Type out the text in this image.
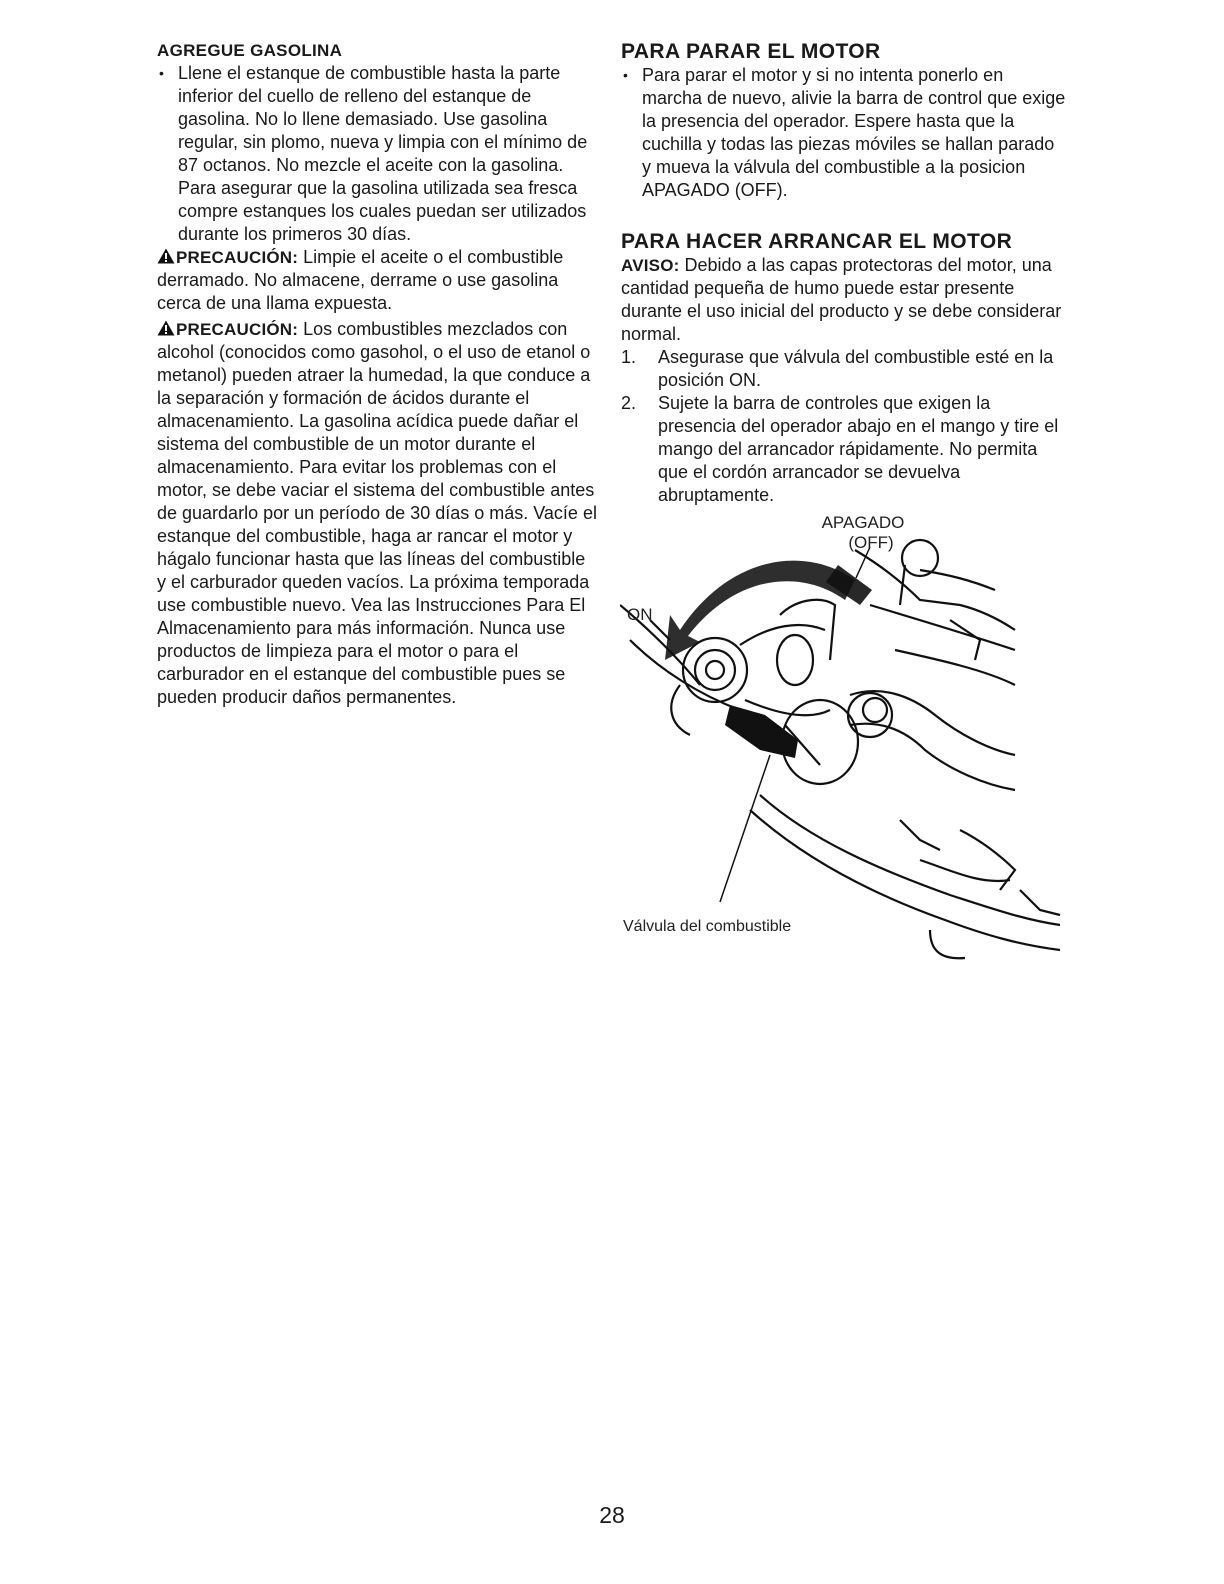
AGREGUE GASOLINA
• Llene el estanque de combustible hasta la parte inferior del cuello de relleno del estanque de gasolina. No lo llene demasiado. Use gasolina regular, sin plomo, nueva y limpia con el mínimo de 87 octanos. No mezcle el aceite con la gasolina. Para asegurar que la gasolina utilizada sea fresca compre estanques los cuales puedan ser utilizados durante los primeros 30 días.

PRECAUCIÓN: Limpie el aceite o el combustible derramado. No almacene, derrame o use gasolina cerca de una llama expuesta.

PRECAUCIÓN: Los combustibles mezclados con alcohol (conocidos como gasohol, o el uso de etanol o metanol) pueden atraer la humedad, la que conduce a la separación y formación de ácidos durante el almacenamiento. La gasolina acídica puede dañar el sistema del combustible de un motor durante el almacenamiento. Para evitar los problemas con el motor, se debe vaciar el sistema del combustible antes de guardarlo por un período de 30 días o más. Vacíe el estanque del combustible, haga ar rancar el motor y hágalo funcionar hasta que las líneas del combustible y el carburador queden vacíos. La próxima temporada use combustible nuevo. Vea las Instrucciones Para El Almacenamiento para más información. Nunca use productos de limpieza para el motor o para el carburador en el estanque del combustible pues se pueden producir daños permanentes.

PARA PARAR EL MOTOR
• Para parar el motor y si no intenta ponerlo en marcha de nuevo, alivie la barra de control que exige la presencia del operador. Espere hasta que la cuchilla y todas las piezas móviles se hallan parado y mueva la válvula del combustible a la posicion APAGADO (OFF).
PARA HACER ARRANCAR EL MOTOR

AVISO: Debido a las capas protectoras del motor, una cantidad pequeña de humo puede estar presente durante el uso inicial del producto y se debe considerar normal.

1. Asegurase que válvula del combustible esté en la posición ON.
2. Sujete la barra de controles que exigen la presencia del operador abajo en el mango y tire el mango del arrancador rápidamente. No permita que el cordón arrancador se devuelva abruptamente.
APAGADO
(OFF)
ON
Válvula del combustible
28
